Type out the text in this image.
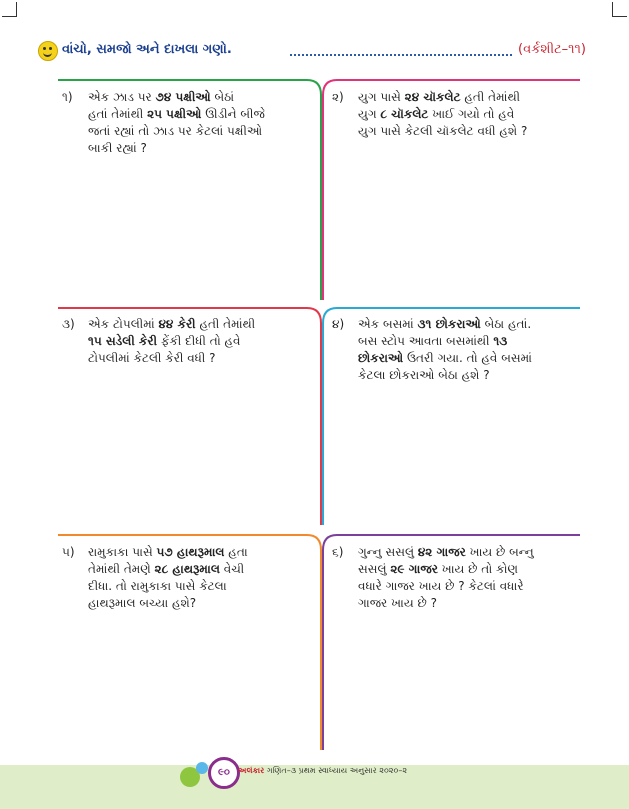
વાંચો, સમજો અને દાખલા ગણો.	(વર્કશીટ–૧૧)
૧) એક ઝાડ પર ૭૪ પક્ષીઓ બેઠાં
હતાં તેમાંથી ૨૫ પક્ષીઓ ઊડીને બીજે
જતાં રહ્યાં તો ઝાડ પર કેટલાં પક્ષીઓ
બાકી રહ્યાં ?
૨) યુગ પાસે ૨૪ ચૉકલેટ હતી તેમાંથી
યુગ ૮ ચૉકલેટ ખાઈ ગયો તો હવે
યુગ પાસે કેટલી ચૉકલેટ વધી હશે ?
૩) એક ટોપલીમાં ૪૪ કેરી હતી તેમાંથી
૧૫ સડેલી કેરી ફેંકી દીધી તો હવે
ટોપલીમાં કેટલી કેરી વધી ?
૪) એક બસમાં ૩૧ છોકરાઓ બેઠા હતાં.
બસ સ્ટોપ આવતા બસમાંથી ૧૩
છોકરાઓ ઉતરી ગયા. તો હવે બસમાં
કેટલા છોકરાઓ બેઠા હશે ?
૫) રામુકાકા પાસે ૫૭ હાથરૂમાલ હતા
તેમાંથી તેમણે ૨૮ હાથરૂમાલ વેચી
દીધા. તો રામુકાકા પાસે કેટલા
હાથરૂમાલ બચ્યા હશે?
૬) ગુન્નુ સસલું ૪૨ ગાજર ખાય છે બન્નુ
સસલું ૨૯ ગાજર ખાય છે તો કોણ
વધારે ગાજર ખાય છે ? કેટલાં વધારે
ગાજર ખાય છે ?
૯૦	અલંકાર ગણિત–૩ પ્રથમ સ્વાધ્યાય અનુસાર ૨૦૨૦–૨
